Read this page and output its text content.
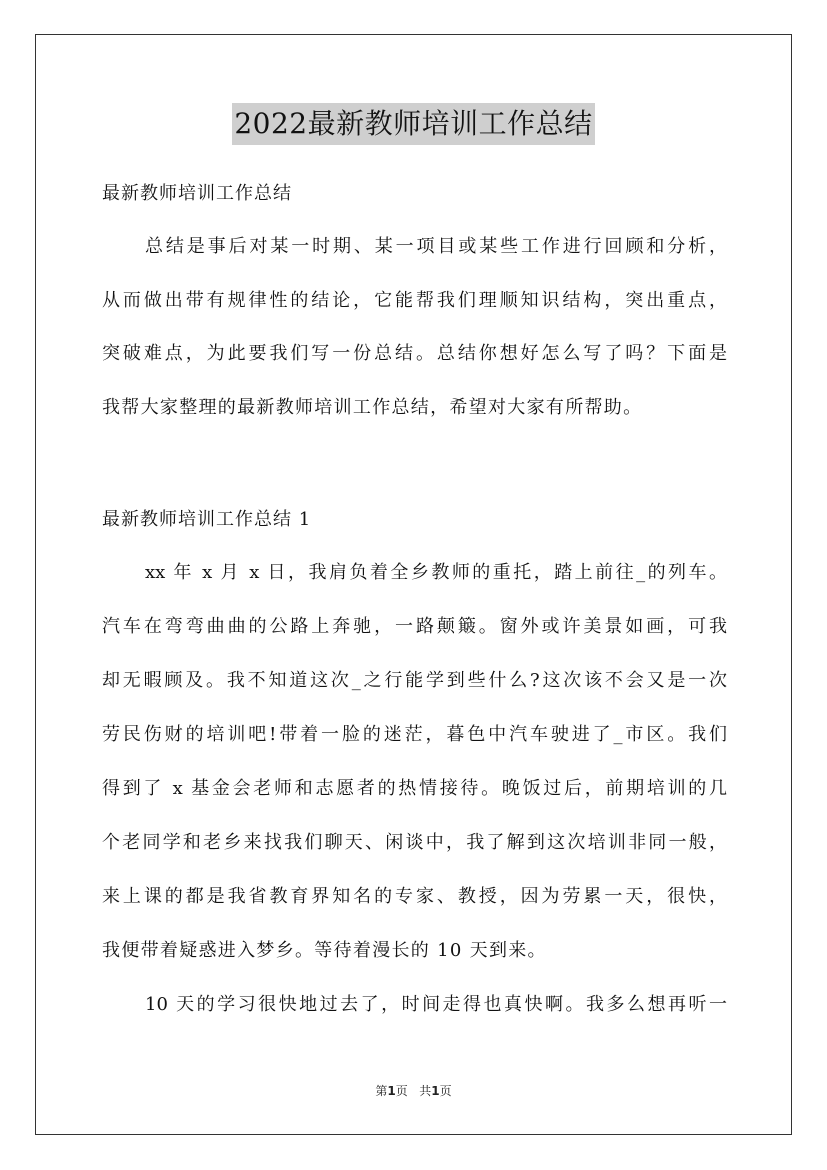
2022最新教师培训工作总结
最新教师培训工作总结
总结是事后对某一时期、某一项目或某些工作进行回顾和分析，
从而做出带有规律性的结论，它能帮我们理顺知识结构，突出重点，
突破难点，为此要我们写一份总结。总结你想好怎么写了吗？下面是
我帮大家整理的最新教师培训工作总结，希望对大家有所帮助。
最新教师培训工作总结 1
xx 年 x 月 x 日，我肩负着全乡教师的重托，踏上前往_的列车。
汽车在弯弯曲曲的公路上奔驰，一路颠簸。窗外或许美景如画，可我
却无暇顾及。我不知道这次_之行能学到些什么?这次该不会又是一次
劳民伤财的培训吧!带着一脸的迷茫，暮色中汽车驶进了_市区。我们
得到了 x 基金会老师和志愿者的热情接待。晚饭过后，前期培训的几
个老同学和老乡来找我们聊天、闲谈中，我了解到这次培训非同一般，
来上课的都是我省教育界知名的专家、教授，因为劳累一天，很快，
我便带着疑惑进入梦乡。等待着漫长的 10 天到来。
10 天的学习很快地过去了，时间走得也真快啊。我多么想再听一
第1页 共1页
